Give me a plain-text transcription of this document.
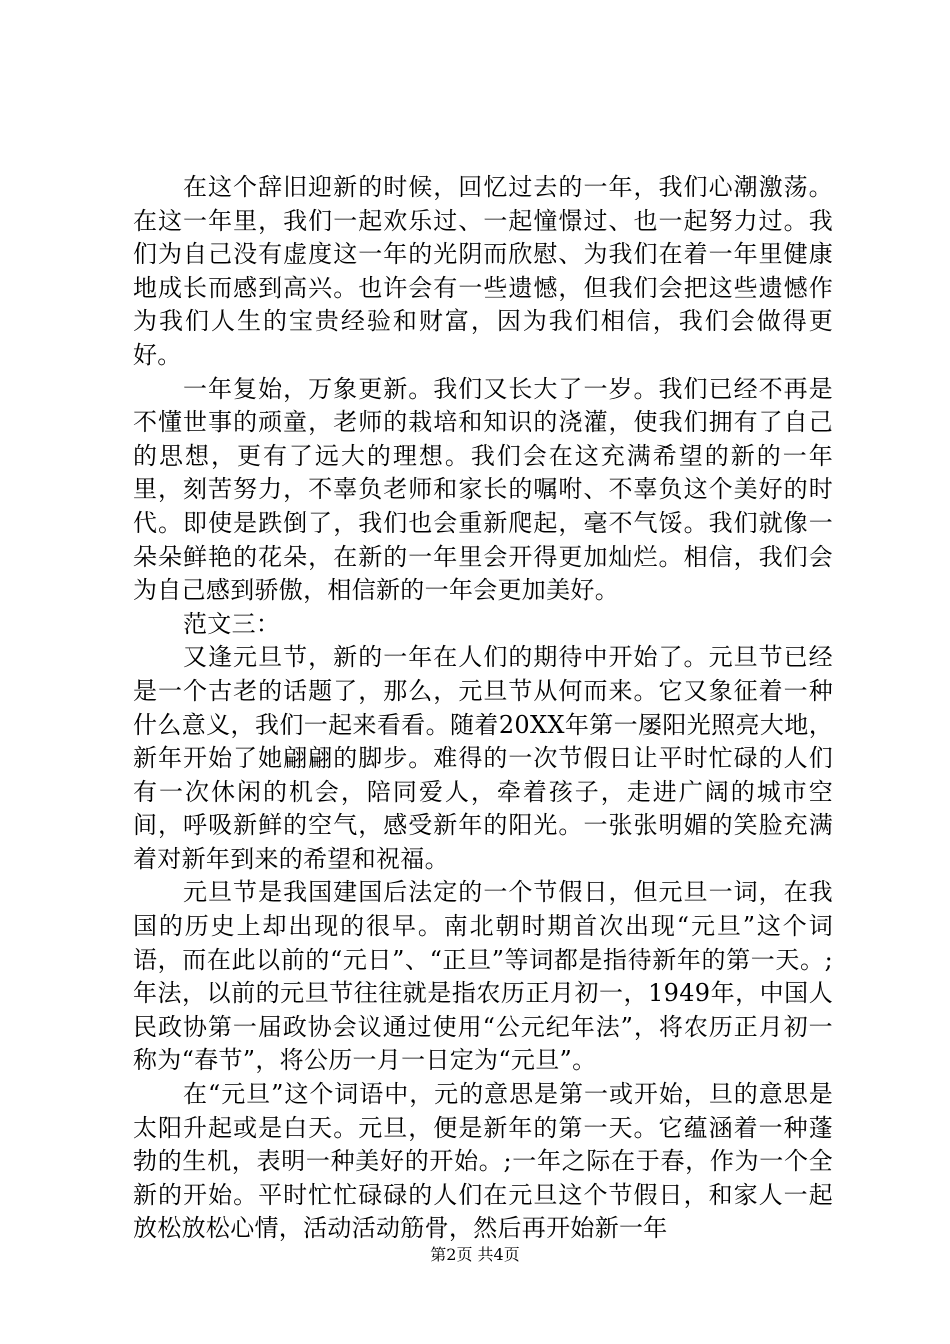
在这个辞旧迎新的时候，回忆过去的一年，我们心潮激荡。在这一年里，我们一起欢乐过、一起憧憬过、也一起努力过。我们为自己没有虚度这一年的光阴而欣慰、为我们在着一年里健康地成长而感到高兴。也许会有一些遗憾，但我们会把这些遗憾作为我们人生的宝贵经验和财富，因为我们相信，我们会做得更好。

一年复始，万象更新。我们又长大了一岁。我们已经不再是不懂世事的顽童，老师的栽培和知识的浇灌，使我们拥有了自己的思想，更有了远大的理想。我们会在这充满希望的新的一年里，刻苦努力，不辜负老师和家长的嘱咐、不辜负这个美好的时代。即使是跌倒了，我们也会重新爬起，毫不气馁。我们就像一朵朵鲜艳的花朵，在新的一年里会开得更加灿烂。相信，我们会为自己感到骄傲，相信新的一年会更加美好。

范文三：

又逢元旦节，新的一年在人们的期待中开始了。元旦节已经是一个古老的话题了，那么，元旦节从何而来。它又象征着一种什么意义，我们一起来看看。随着20XX年第一屡阳光照亮大地，新年开始了她翩翩的脚步。难得的一次节假日让平时忙碌的人们有一次休闲的机会，陪同爱人，牵着孩子，走进广阔的城市空间，呼吸新鲜的空气，感受新年的阳光。一张张明媚的笑脸充满着对新年到来的希望和祝福。

元旦节是我国建国后法定的一个节假日，但元旦一词，在我国的历史上却出现的很早。南北朝时期首次出现“元旦”这个词语，而在此以前的“元日”、“正旦”等词都是指待新年的第一天。;年法，以前的元旦节往往就是指农历正月初一，1949年，中国人民政协第一届政协会议通过使用“公元纪年法”，将农历正月初一称为“春节”，将公历一月一日定为“元旦”。

在“元旦”这个词语中，元的意思是第一或开始，旦的意思是太阳升起或是白天。元旦，便是新年的第一天。它蕴涵着一种蓬勃的生机，表明一种美好的开始。;一年之际在于春，作为一个全新的开始。平时忙忙碌碌的人们在元旦这个节假日，和家人一起放松放松心情，活动活动筋骨，然后再开始新一年

第2页 共4页
